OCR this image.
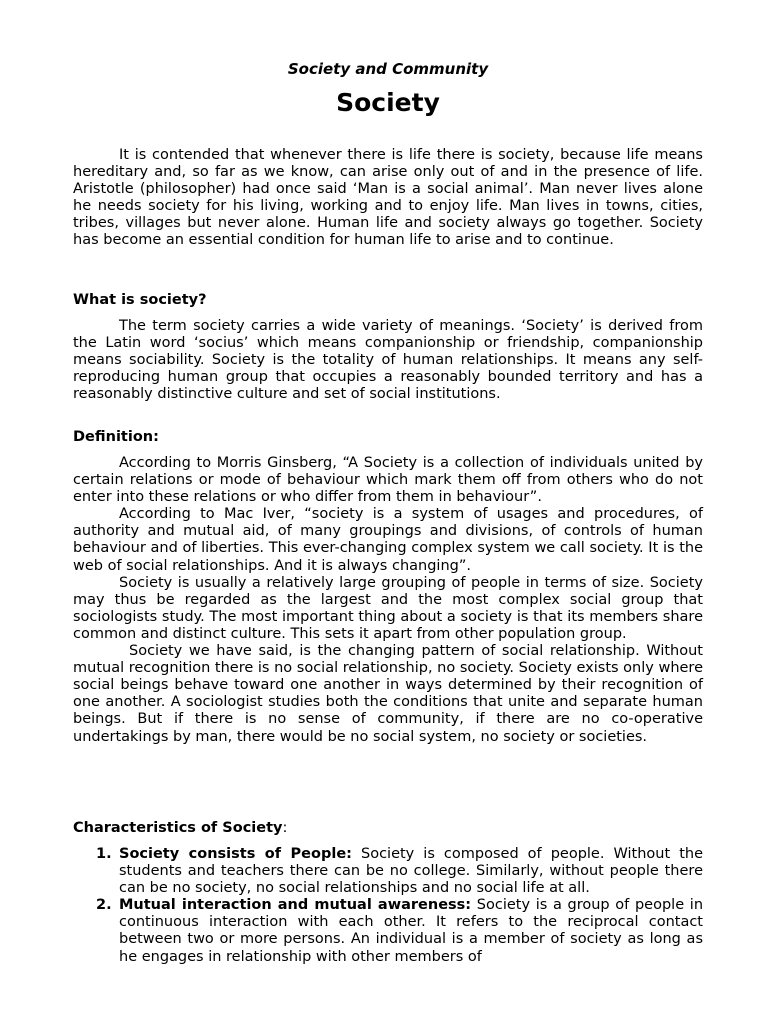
Society and Community
Society

It is contended that whenever there is life there is society, because life means hereditary and, so far as we know, can arise only out of and in the presence of life. Aristotle (philosopher) had once said ‘Man is a social animal’. Man never lives alone he needs society for his living, working and to enjoy life. Man lives in towns, cities, tribes, villages but never alone. Human life and society always go together. Society has become an essential condition for human life to arise and to continue.

What is society?

The term society carries a wide variety of meanings. ‘Society’ is derived from the Latin word ‘socius’ which means companionship or friendship, companionship means sociability. Society is the totality of human relationships. It means any self-reproducing human group that occupies a reasonably bounded territory and has a reasonably distinctive culture and set of social institutions.

Definition:

According to Morris Ginsberg, “A Society is a collection of individuals united by certain relations or mode of behaviour which mark them off from others who do not enter into these relations or who differ from them in behaviour”.

According to Mac Iver, “society is a system of usages and procedures, of authority and mutual aid, of many groupings and divisions, of controls of human behaviour and of liberties. This ever-changing complex system we call society. It is the web of social relationships. And it is always changing”.

Society is usually a relatively large grouping of people in terms of size. Society may thus be regarded as the largest and the most complex social group that sociologists study. The most important thing about a society is that its members share common and distinct culture. This sets it apart from other population group.

Society we have said, is the changing pattern of social relationship. Without mutual recognition there is no social relationship, no society. Society exists only where social beings behave toward one another in ways determined by their recognition of one another. A sociologist studies both the conditions that unite and separate human beings. But if there is no sense of community, if there are no co-operative undertakings by man, there would be no social system, no society or societies.

Characteristics of Society:

1. Society consists of People: Society is composed of people. Without the students and teachers there can be no college. Similarly, without people there can be no society, no social relationships and no social life at all.
2. Mutual interaction and mutual awareness: Society is a group of people in continuous interaction with each other. It refers to the reciprocal contact between two or more persons. An individual is a member of society as long as he engages in relationship with other members of
